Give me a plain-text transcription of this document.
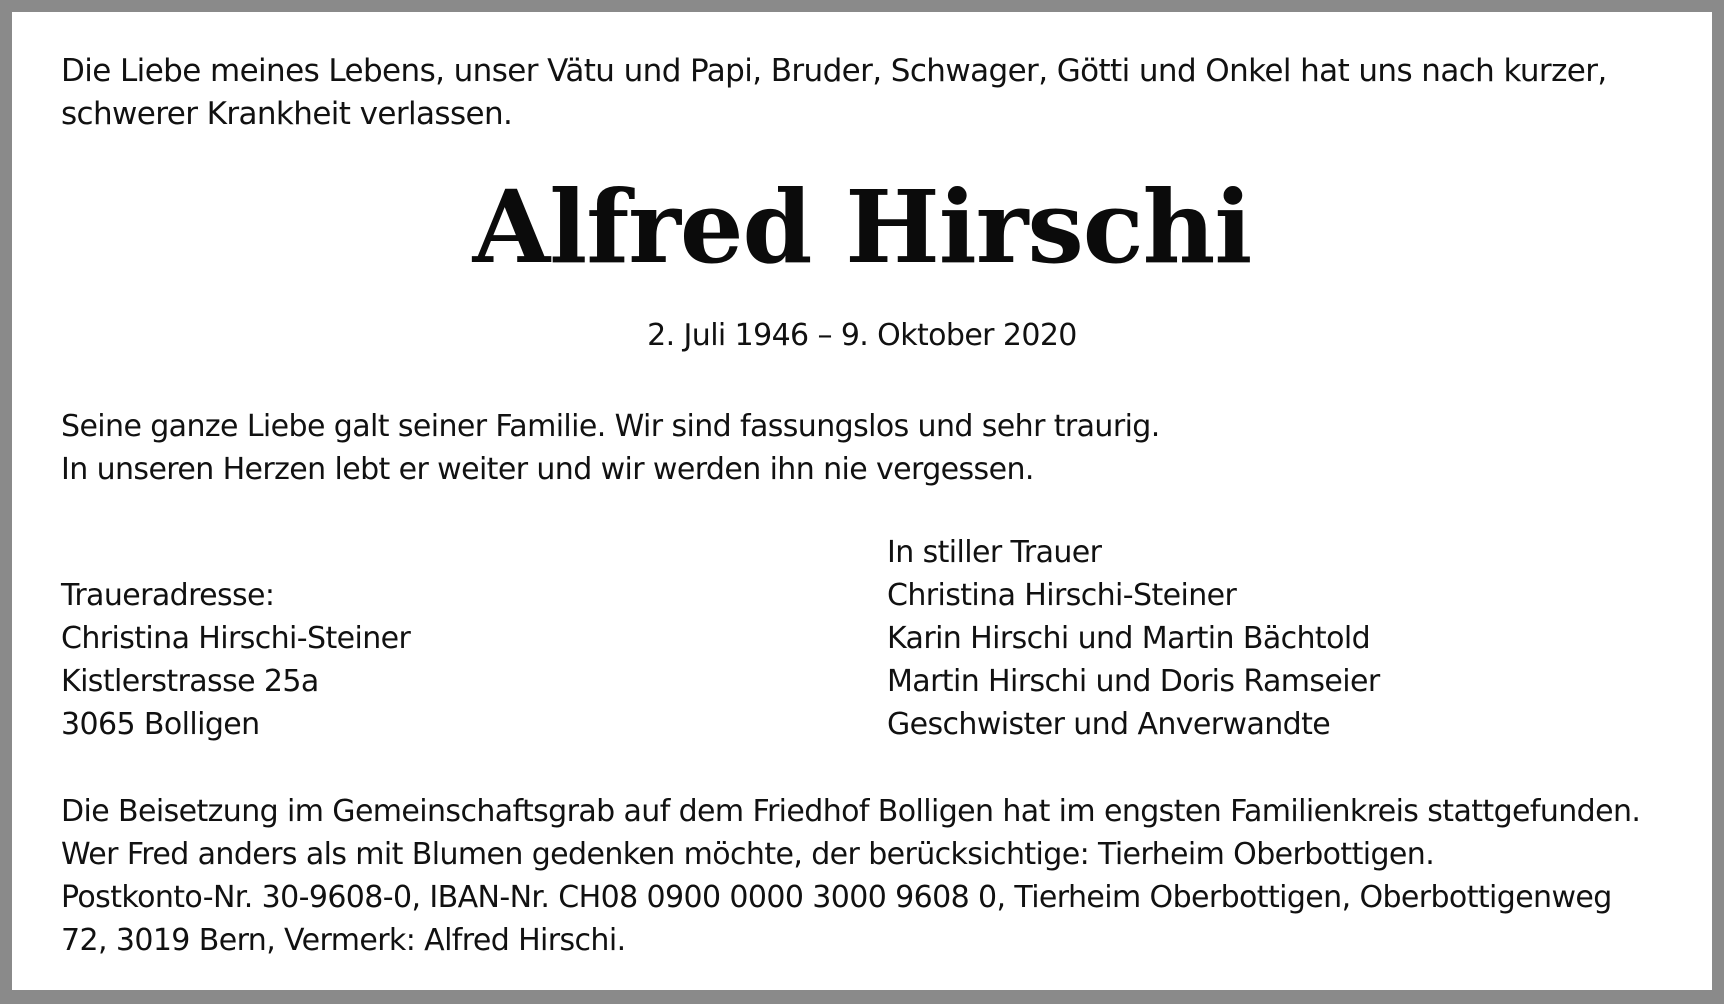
Die Liebe meines Lebens, unser Vätu und Papi, Bruder, Schwager, Götti und Onkel hat uns nach kurzer, schwerer Krankheit verlassen.

Alfred Hirschi

2. Juli 1946 – 9. Oktober 2020

Seine ganze Liebe galt seiner Familie. Wir sind fassungslos und sehr traurig.
In unseren Herzen lebt er weiter und wir werden ihn nie vergessen.
Traueradresse:
Christina Hirschi-Steiner
Kistlerstrasse 25a
3065 Bolligen
In stiller Trauer
Christina Hirschi-Steiner
Karin Hirschi und Martin Bächtold
Martin Hirschi und Doris Ramseier
Geschwister und Anverwandte
Die Beisetzung im Gemeinschaftsgrab auf dem Friedhof Bolligen hat im engsten Familienkreis stattgefunden.
Wer Fred anders als mit Blumen gedenken möchte, der berücksichtige: Tierheim Oberbottigen.
Postkonto-Nr. 30-9608-0, IBAN-Nr. CH08 0900 0000 3000 9608 0, Tierheim Oberbottigen, Oberbottigenweg
72, 3019 Bern, Vermerk: Alfred Hirschi.
